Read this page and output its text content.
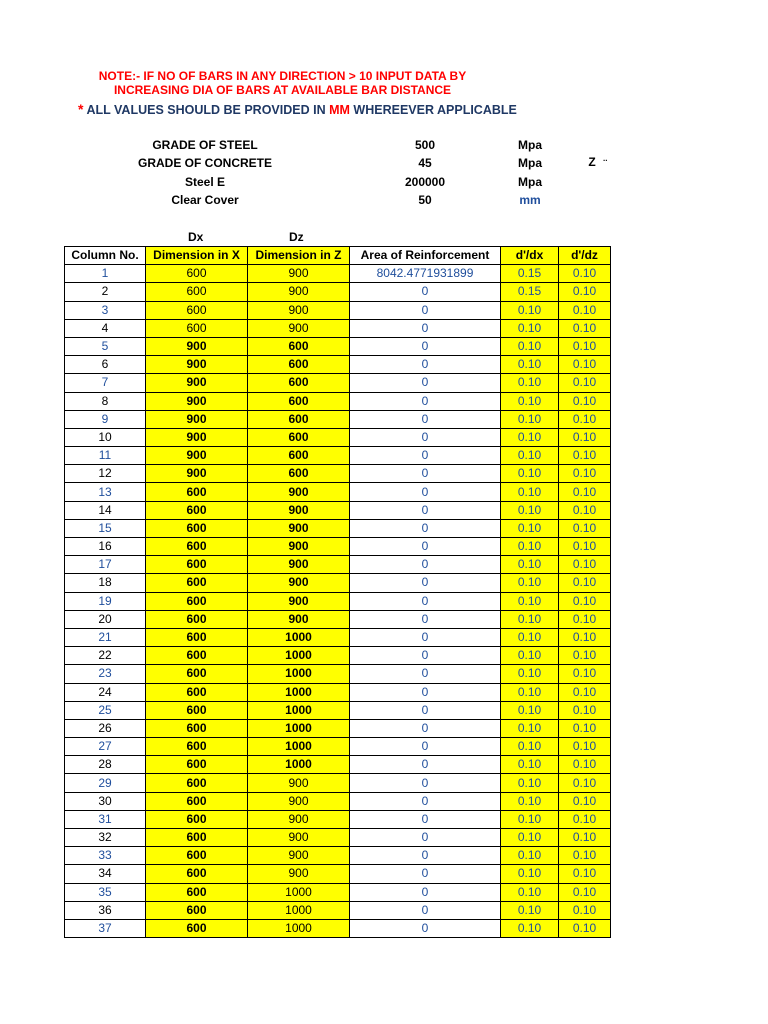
NOTE:- IF NO OF BARS IN ANY DIRECTION > 10 INPUT DATA BY
INCREASING DIA OF BARS AT AVAILABLE BAR DISTANCE
* ALL VALUES SHOULD BE PROVIDED IN MM WHEREEVER APPLICABLE
GRADE OF STEEL	500	Mpa
GRADE OF CONCRETE	45	Mpa
Steel E	200000	Mpa
Clear Cover	50	mm
Z ..
Dx	Dz
Column No.	Dimension in X	Dimension in Z	Area of Reinforcement	d'/dx	d'/dz
1	600	900	8042.4771931899	0.15	0.10
2	600	900	0	0.15	0.10
3	600	900	0	0.10	0.10
4	600	900	0	0.10	0.10
5	900	600	0	0.10	0.10
6	900	600	0	0.10	0.10
7	900	600	0	0.10	0.10
8	900	600	0	0.10	0.10
9	900	600	0	0.10	0.10
10	900	600	0	0.10	0.10
11	900	600	0	0.10	0.10
12	900	600	0	0.10	0.10
13	600	900	0	0.10	0.10
14	600	900	0	0.10	0.10
15	600	900	0	0.10	0.10
16	600	900	0	0.10	0.10
17	600	900	0	0.10	0.10
18	600	900	0	0.10	0.10
19	600	900	0	0.10	0.10
20	600	900	0	0.10	0.10
21	600	1000	0	0.10	0.10
22	600	1000	0	0.10	0.10
23	600	1000	0	0.10	0.10
24	600	1000	0	0.10	0.10
25	600	1000	0	0.10	0.10
26	600	1000	0	0.10	0.10
27	600	1000	0	0.10	0.10
28	600	1000	0	0.10	0.10
29	600	900	0	0.10	0.10
30	600	900	0	0.10	0.10
31	600	900	0	0.10	0.10
32	600	900	0	0.10	0.10
33	600	900	0	0.10	0.10
34	600	900	0	0.10	0.10
35	600	1000	0	0.10	0.10
36	600	1000	0	0.10	0.10
37	600	1000	0	0.10	0.10
